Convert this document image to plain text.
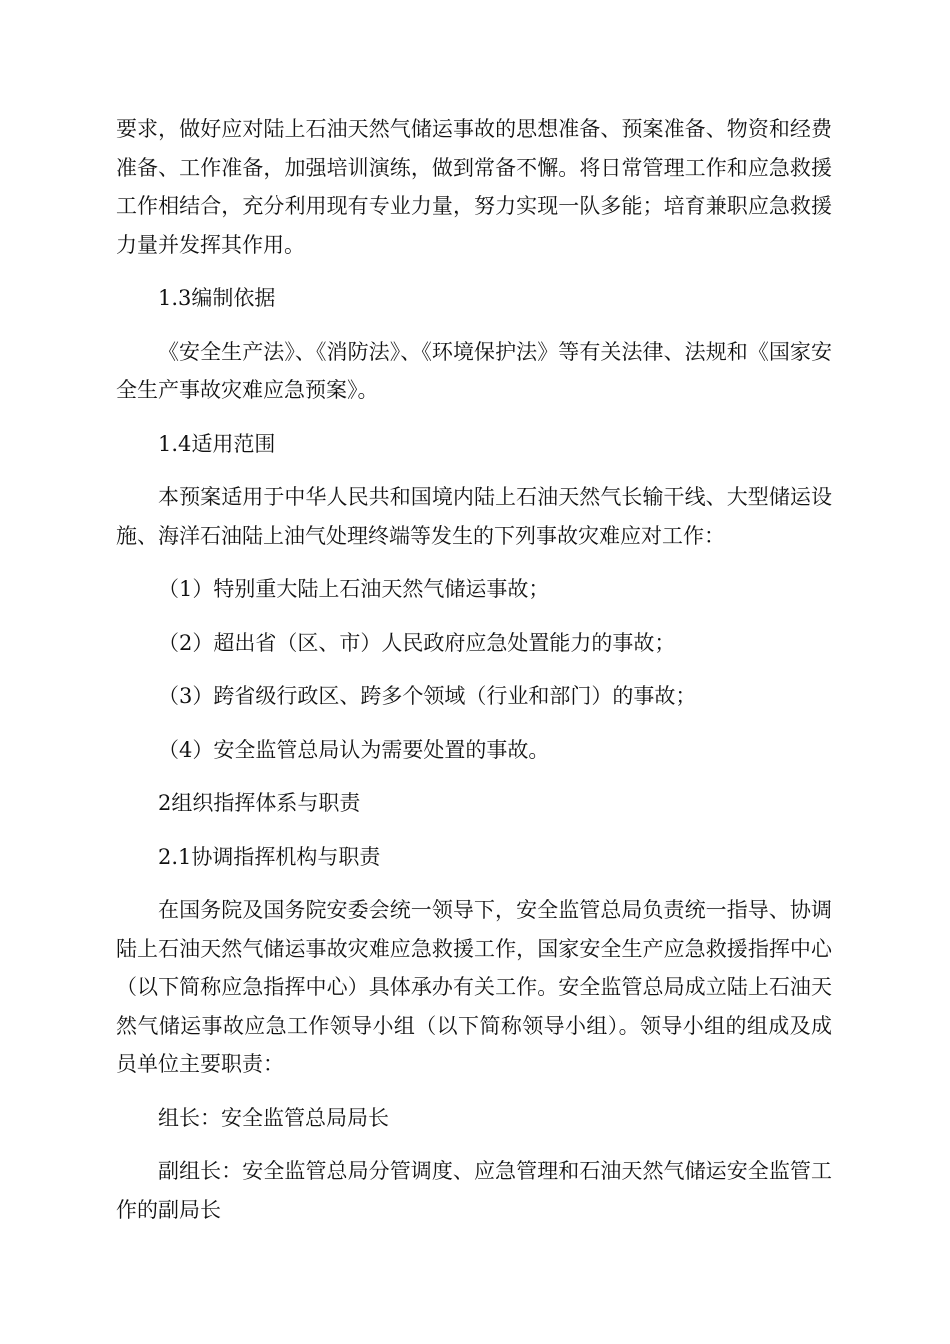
要求，做好应对陆上石油天然气储运事故的思想准备、预案准备、物资和经费准备、工作准备，加强培训演练，做到常备不懈。将日常管理工作和应急救援工作相结合，充分利用现有专业力量，努力实现一队多能；培育兼职应急救援力量并发挥其作用。

1.3编制依据

《安全生产法》、《消防法》、《环境保护法》等有关法律、法规和《国家安全生产事故灾难应急预案》。

1.4适用范围

本预案适用于中华人民共和国境内陆上石油天然气长输干线、大型储运设施、海洋石油陆上油气处理终端等发生的下列事故灾难应对工作：

（1）特别重大陆上石油天然气储运事故；

（2）超出省（区、市）人民政府应急处置能力的事故；

（3）跨省级行政区、跨多个领域（行业和部门）的事故；

（4）安全监管总局认为需要处置的事故。

2组织指挥体系与职责

2.1协调指挥机构与职责

在国务院及国务院安委会统一领导下，安全监管总局负责统一指导、协调陆上石油天然气储运事故灾难应急救援工作，国家安全生产应急救援指挥中心（以下简称应急指挥中心）具体承办有关工作。安全监管总局成立陆上石油天然气储运事故应急工作领导小组（以下简称领导小组）。领导小组的组成及成员单位主要职责：

组长：安全监管总局局长

副组长：安全监管总局分管调度、应急管理和石油天然气储运安全监管工作的副局长
